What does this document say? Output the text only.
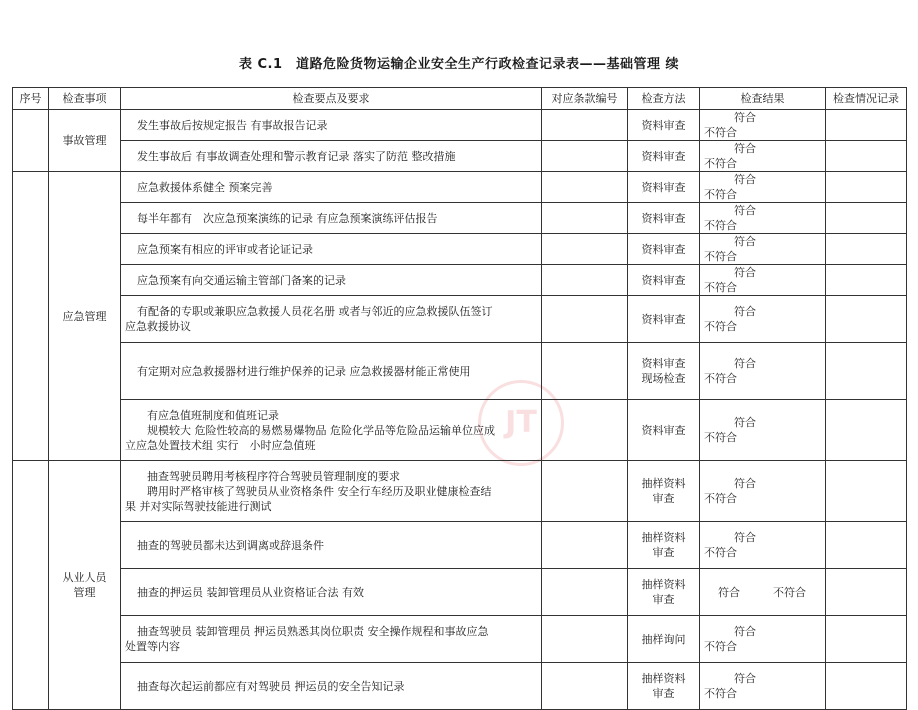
表 C.1　道路危险货物运输企业安全生产行政检查记录表——基础管理 续
JT
序号	检查事项	检查要点及要求	对应条款编号	检查方法	检查结果	检查情况记录
	事故管理	发生事故后按规定报告 有事故报告记录		资料审查	符合不符合	

		发生事故后 有事故调查处理和警示教育记录 落实了防范 整改措施		资料审查	符合不符合	
	应急管理	应急救援体系健全 预案完善		资料审查	符合不符合	

		每半年都有　次应急预案演练的记录 有应急预案演练评估报告		资料审查	符合不符合	

		应急预案有相应的评审或者论证记录		资料审查	符合不符合	

		应急预案有向交通运输主管部门备案的记录		资料审查	符合不符合	

		有配备的专职或兼职应急救援人员花名册 或者与邻近的应急救援队伍签订
应急救援协议		资料审查	符合不符合	

		有定期对应急救援器材进行维护保养的记录 应急救援器材能正常使用		资料审查
现场检查	符合不符合	

		有应急值班制度和值班记录
规模较大 危险性较高的易燃易爆物品 危险化学品等危险品运输单位应成
立应急处置技术组 实行　小时应急值班		资料审查	符合不符合	

	从业人员
管理	抽查驾驶员聘用考核程序符合驾驶员管理制度的要求
聘用时严格审核了驾驶员从业资格条件 安全行车经历及职业健康检查结
果 并对实际驾驶技能进行测试		抽样资料
审查	符合不符合	

		抽查的驾驶员都未达到调离或辞退条件		抽样资料
审查	符合不符合	

		抽查的押运员 装卸管理员从业资格证合法 有效		抽样资料
审查	符合 不符合	

		抽查驾驶员 装卸管理员 押运员熟悉其岗位职责 安全操作规程和事故应急
处置等内容		抽样询问	符合不符合	

		抽查每次起运前都应有对驾驶员 押运员的安全告知记录		抽样资料
审查	符合不符合	
